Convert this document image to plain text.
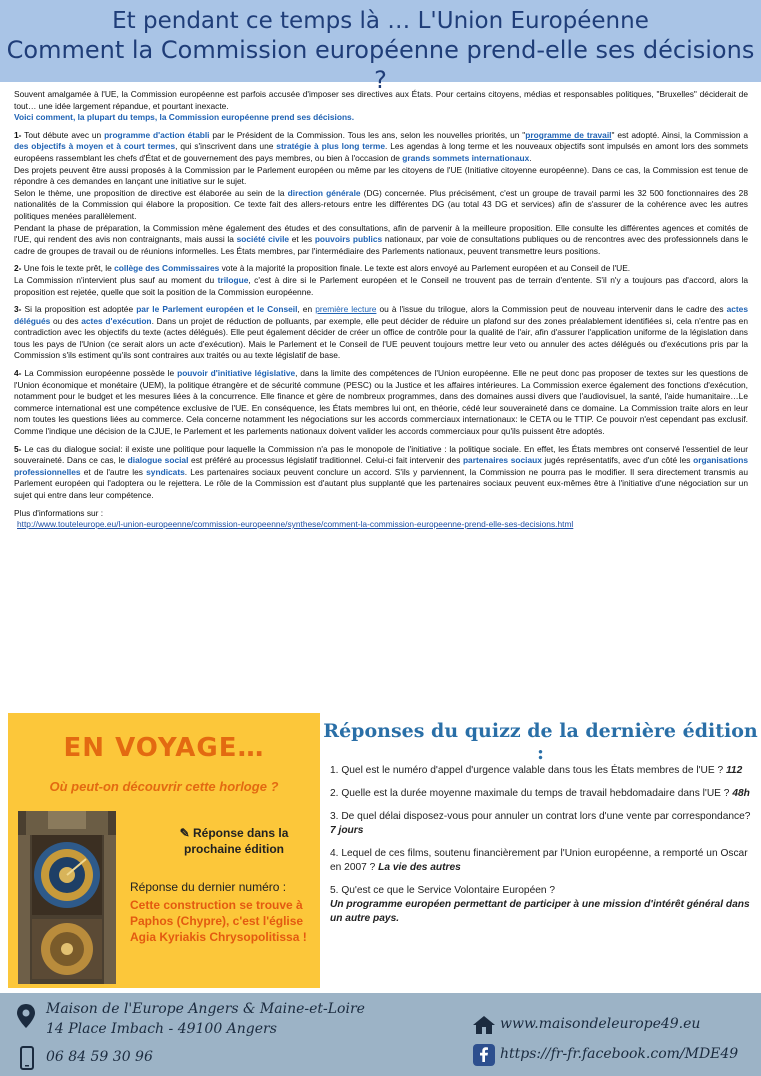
Et pendant ce temps là … L'Union Européenne
Comment la Commission européenne prend-elle ses décisions ?

Souvent amalgamée à l'UE, la Commission européenne est parfois accusée d'imposer ses directives aux États. Pour certains citoyens, médias et responsables politiques, "Bruxelles" déciderait de tout… une idée largement répandue, et pourtant inexacte.

Voici comment, la plupart du temps, la Commission européenne prend ses décisions.

1- Tout débute avec un programme d'action établi par le Président de la Commission. Tous les ans, selon les nouvelles priorités, un "programme de travail" est adopté. Ainsi, la Commission a des objectifs à moyen et à court termes, qui s'inscrivent dans une stratégie à plus long terme. Les agendas à long terme et les nouveaux objectifs sont impulsés en amont lors des sommets européens rassemblant les chefs d'État et de gouvernement des pays membres, ou bien à l'occasion de grands sommets internationaux.

Des projets peuvent être aussi proposés à la Commission par le Parlement européen ou même par les citoyens de l'UE (Initiative citoyenne européenne). Dans ce cas, la Commission est tenue de répondre à ces demandes en lançant une initiative sur le sujet.

Selon le thème, une proposition de directive est élaborée au sein de la direction générale (DG) concernée. Plus précisément, c'est un groupe de travail parmi les 32 500 fonctionnaires des 28 nationalités de la Commission qui élabore la proposition. Ce texte fait des allers-retours entre les différentes DG (au total 43 DG et services) afin de s'assurer de la cohérence avec les autres politiques menées parallèlement.

Pendant la phase de préparation, la Commission mène également des études et des consultations, afin de parvenir à la meilleure proposition. Elle consulte les différentes agences et comités de l'UE, qui rendent des avis non contraignants, mais aussi la société civile et les pouvoirs publics nationaux, par voie de consultations publiques ou de rencontres avec des professionnels dans le cadre de groupes de travail ou de réunions informelles. Les États membres, par l'intermédiaire des Parlements nationaux, peuvent transmettre leurs positions.

2- Une fois le texte prêt, le collège des Commissaires vote à la majorité la proposition finale. Le texte est alors envoyé au Parlement européen et au Conseil de l'UE.

La Commission n'intervient plus sauf au moment du trilogue, c'est à dire si le Parlement européen et le Conseil ne trouvent pas de terrain d'entente. S'il n'y a toujours pas d'accord, alors la proposition est rejetée, quelle que soit la position de la Commission européenne.

3- Si la proposition est adoptée par le Parlement européen et le Conseil, en première lecture ou à l'issue du trilogue, alors la Commission peut de nouveau intervenir dans le cadre des actes délégués ou des actes d'exécution. Dans un projet de réduction de polluants, par exemple, elle peut décider de réduire un plafond sur des zones préalablement identifiées si, cela n'entre pas en contradiction avec les objectifs du texte (actes délégués). Elle peut également décider de créer un office de contrôle pour la qualité de l'air, afin d'assurer l'application uniforme de la législation dans tous les pays de l'Union (ce serait alors un acte d'exécution). Mais le Parlement et le Conseil de l'UE peuvent toujours mettre leur veto ou annuler des actes délégués ou d'exécutions pris par la Commission s'ils estiment qu'ils sont contraires aux traités ou au texte législatif de base.

4- La Commission européenne possède le pouvoir d'initiative législative, dans la limite des compétences de l'Union européenne. Elle ne peut donc pas proposer de textes sur les questions de l'Union économique et monétaire (UEM), la politique étrangère et de sécurité commune (PESC) ou la Justice et les affaires intérieures. La Commission exerce également des fonctions d'exécution, notamment pour le budget et les mesures liées à la concurrence. Elle finance et gère de nombreux programmes, dans des domaines aussi divers que l'audiovisuel, la santé, l'aide humanitaire…Le commerce international est une compétence exclusive de l'UE. En conséquence, les États membres lui ont, en théorie, cédé leur souveraineté dans ce domaine. La Commission traite alors en leur nom toutes les questions liées au commerce. Cela concerne notamment les négociations sur les accords commerciaux internationaux: le CETA ou le TTIP. Ce pouvoir n'est cependant pas exclusif. Comme l'indique une décision de la CJUE, le Parlement et les parlements nationaux doivent valider les accords commerciaux pour qu'ils puissent être adoptés.

5- Le cas du dialogue social: il existe une politique pour laquelle la Commission n'a pas le monopole de l'initiative : la politique sociale. En effet, les États membres ont conservé l'essentiel de leur souveraineté. Dans ce cas, le dialogue social est préféré au processus législatif traditionnel. Celui-ci fait intervenir des partenaires sociaux jugés représentatifs, avec d'un côté les organisations professionnelles et de l'autre les syndicats. Les partenaires sociaux peuvent conclure un accord. S'ils y parviennent, la Commission ne pourra pas le modifier. Il sera directement transmis au Parlement européen qui l'adoptera ou le rejettera. Le rôle de la Commission est d'autant plus supplanté que les partenaires sociaux peuvent eux-mêmes être à l'initiative d'une négociation sur un sujet qui entre dans leur compétence.

Plus d'informations sur :

http://www.touteleurope.eu/l-union-europeenne/commission-europeenne/synthese/comment-la-commission-europeenne-prend-elle-ses-decisions.html

EN VOYAGE…
Où peut-on découvrir cette horloge ?
✎ Réponse dans la prochaine édition
Réponse du dernier numéro :
Cette construction se trouve à Paphos (Chypre), c'est l'église Agia Kyriakis Chrysopolitissa !
Réponses du quizz de la dernière édition :
1. Quel est le numéro d'appel d'urgence valable dans tous les États membres de l'UE ? 112
2. Quelle est la durée moyenne maximale du temps de travail hebdomadaire dans l'UE ? 48h
3. De quel délai disposez-vous pour annuler un contrat lors d'une vente par correspondance? 7 jours
4. Lequel de ces films, soutenu financièrement par l'Union européenne, a remporté un Oscar en 2007 ? La vie des autres
5. Qu'est ce que le Service Volontaire Européen ?
Un programme européen permettant de participer à une mission d'intérêt général dans un autre pays.
Maison de l'Europe Angers & Maine-et-Loire
14 Place Imbach - 49100 Angers
06 84 59 30 96
www.maisondeleurope49.eu
https://fr-fr.facebook.com/MDE49
